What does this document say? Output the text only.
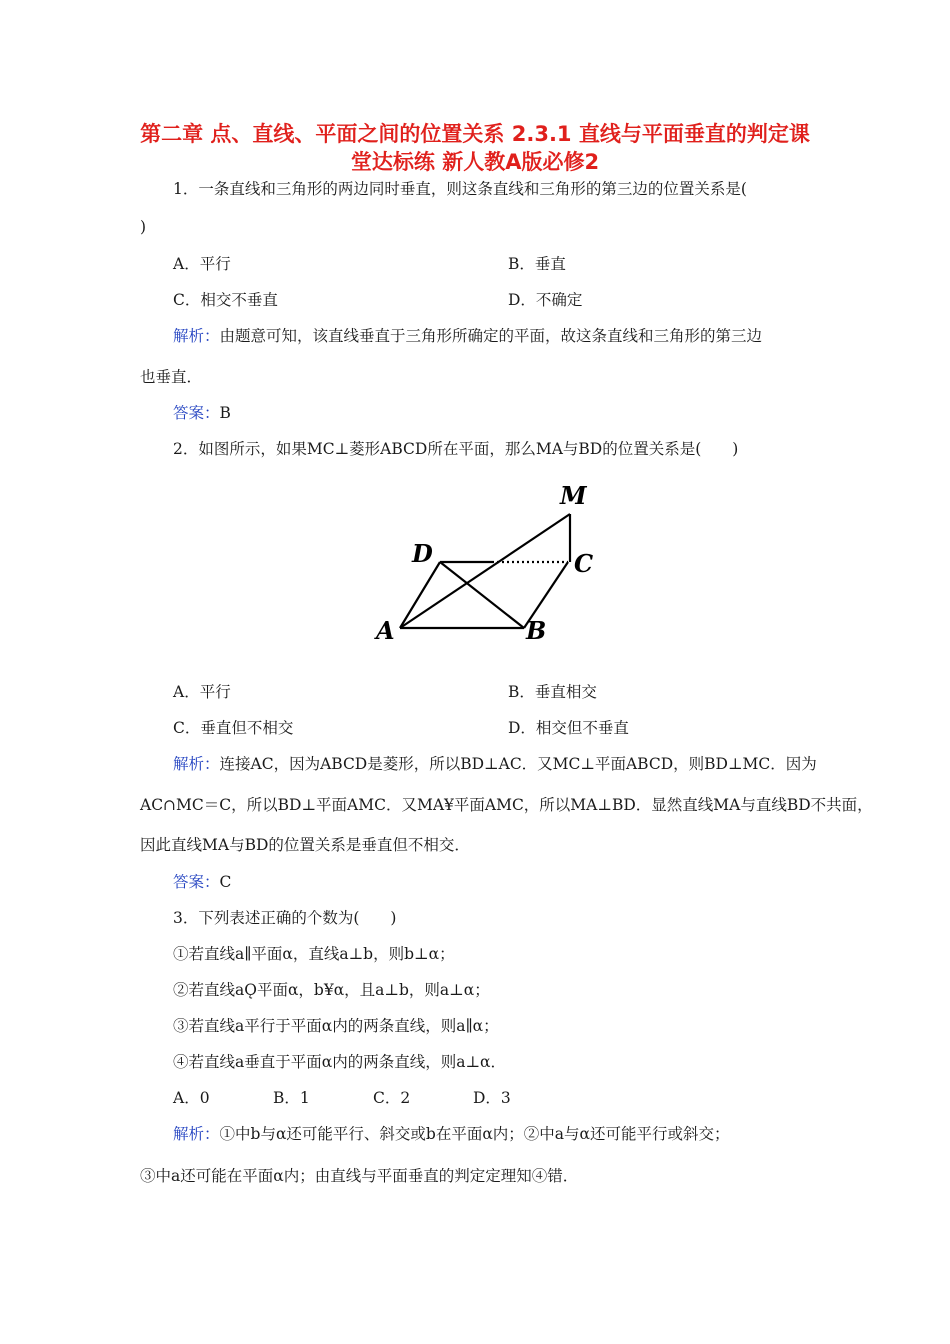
第二章 点、直线、平面之间的位置关系 2.3.1 直线与平面垂直的判定课堂达标练 新人教A版必修2
1．一条直线和三角形的两边同时垂直，则这条直线和三角形的第三边的位置关系是(
)
A．平行	B．垂直
C．相交不垂直	D．不确定
解析：由题意可知，该直线垂直于三角形所确定的平面，故这条直线和三角形的第三边
也垂直．
答案：B
2．如图所示，如果MC⊥菱形ABCD所在平面，那么MA与BD的位置关系是(　　)
M
D	C
A	B
A．平行	B．垂直相交
C．垂直但不相交	D．相交但不垂直
解析：连接AC，因为ABCD是菱形，所以BD⊥AC．又MC⊥平面ABCD，则BD⊥MC．因为
AC∩MC＝C，所以BD⊥平面AMC．又MA¥平面AMC，所以MA⊥BD．显然直线MA与直线BD不共面，
因此直线MA与BD的位置关系是垂直但不相交．
答案：C
3．下列表述正确的个数为(　　)
①若直线a∥平面α，直线a⊥b，则b⊥α；
②若直线aǪ平面α，b¥α，且a⊥b，则a⊥α；
③若直线a平行于平面α内的两条直线，则a∥α；
④若直线a垂直于平面α内的两条直线，则a⊥α．
A．0	B．1	C．2	D．3
解析：①中b与α还可能平行、斜交或b在平面α内；②中a与α还可能平行或斜交；
③中a还可能在平面α内；由直线与平面垂直的判定定理知④错．
